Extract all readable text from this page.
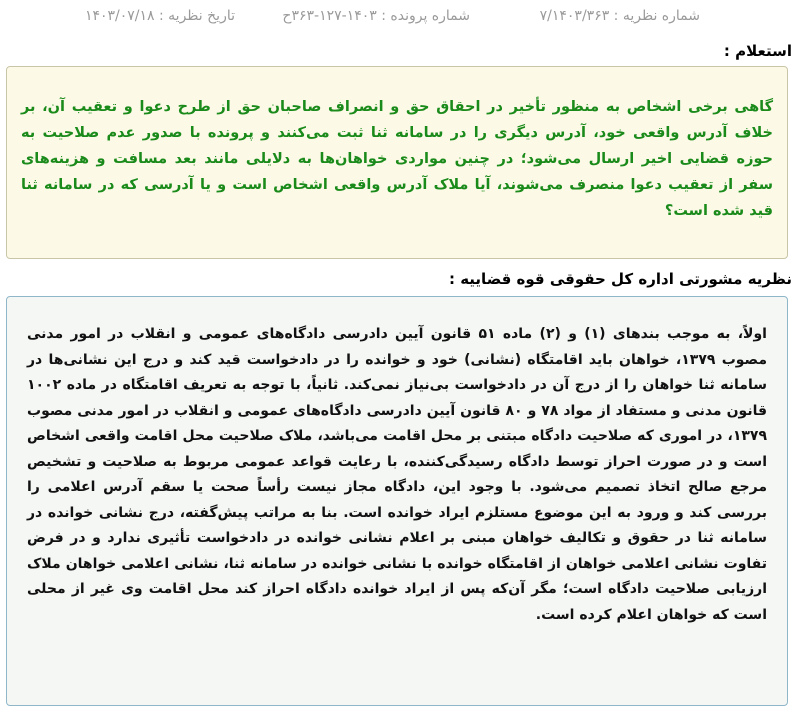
شماره نظریه : ۷/۱۴۰۳/۳۶۳
شماره پرونده : ۱۴۰۳-۱۲۷-۳۶۳ح
تاریخ نظریه : ۱۴۰۳/۰۷/۱۸
استعلام :
گاهی برخی اشخاص به منظور تأخیر در احقاق حق و انصراف صاحبان حق از طرح دعوا و تعقیب آن، بر خلاف آدرس واقعی خود، آدرس دیگری را در سامانه ثنا ثبت می‌کنند و پرونده با صدور عدم صلاحیت به حوزه قضایی اخیر ارسال می‌شود؛ در چنین مواردی خواهان‌ها به دلایلی مانند بعد مسافت و هزینه‌های سفر از تعقیب دعوا منصرف می‌شوند، آیا ملاک آدرس واقعی اشخاص است و یا آدرسی که در سامانه ثنا قید شده است؟
نظریه مشورتی اداره کل حقوقی قوه قضاییه :
اولاً، به موجب بندهای (۱) و (۲) ماده ۵۱ قانون آیین دادرسی دادگاه‌های عمومی و انقلاب در امور مدنی مصوب ۱۳۷۹، خواهان باید اقامتگاه (نشانی) خود و خوانده را در دادخواست قید کند و درج این نشانی‌ها در سامانه ثنا خواهان را از درج آن در دادخواست بی‌نیاز نمی‌کند. ثانیاً، با توجه به تعریف اقامتگاه در ماده ۱۰۰۲ قانون مدنی و مستفاد از مواد ۷۸ و ۸۰ قانون آیین دادرسی دادگاه‌های عمومی و انقلاب در امور مدنی مصوب ۱۳۷۹، در اموری که صلاحیت دادگاه مبتنی بر محل اقامت می‌باشد، ملاک صلاحیت محل اقامت واقعی اشخاص است و در صورت احراز توسط دادگاه رسیدگی‌کننده، با رعایت قواعد عمومی مربوط به صلاحیت و تشخیص مرجع صالح اتخاذ تصمیم می‌شود. با وجود این، دادگاه مجاز نیست رأساً صحت یا سقم آدرس اعلامی را بررسی کند و ورود به این موضوع مستلزم ایراد خوانده است. بنا به مراتب پیش‌گفته، درج نشانی خوانده در سامانه ثنا در حقوق و تکالیف خواهان مبنی بر اعلام نشانی خوانده در دادخواست تأثیری ندارد و در فرض تفاوت نشانی اعلامی خواهان از اقامتگاه خوانده با نشانی خوانده در سامانه ثنا، نشانی اعلامی خواهان ملاک ارزیابی صلاحیت دادگاه است؛ مگر آن‌که پس از ایراد خوانده دادگاه احراز کند محل اقامت وی غیر از محلی است که خواهان اعلام کرده است.
